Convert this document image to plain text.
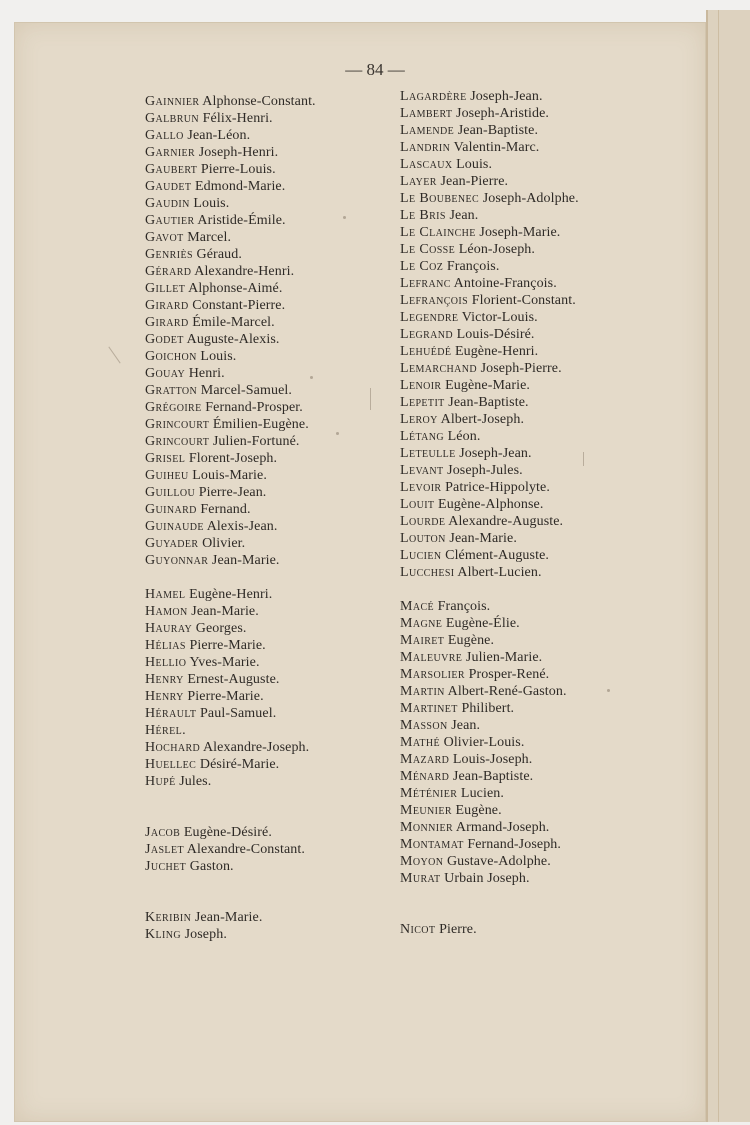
— 84 —
Gainnier Alphonse-Constant.
Galbrun Félix-Henri.
Gallo Jean-Léon.
Garnier Joseph-Henri.
Gaubert Pierre-Louis.
Gaudet Edmond-Marie.
Gaudin Louis.
Gautier Aristide-Émile.
Gavot Marcel.
Genriès Géraud.
Gérard Alexandre-Henri.
Gillet Alphonse-Aimé.
Girard Constant-Pierre.
Girard Émile-Marcel.
Godet Auguste-Alexis.
Goichon Louis.
Gouay Henri.
Gratton Marcel-Samuel.
Grégoire Fernand-Prosper.
Grincourt Émilien-Eugène.
Grincourt Julien-Fortuné.
Grisel Florent-Joseph.
Guiheu Louis-Marie.
Guillou Pierre-Jean.
Guinard Fernand.
Guinaude Alexis-Jean.
Guyader Olivier.
Guyonnar Jean-Marie.
Hamel Eugène-Henri.
Hamon Jean-Marie.
Hauray Georges.
Hélias Pierre-Marie.
Hellio Yves-Marie.
Henry Ernest-Auguste.
Henry Pierre-Marie.
Hérault Paul-Samuel.
Hérel.
Hochard Alexandre-Joseph.
Huellec Désiré-Marie.
Hupé Jules.
Jacob Eugène-Désiré.
Jaslet Alexandre-Constant.
Juchet Gaston.
Keribin Jean-Marie.
Kling Joseph.
Lagardère Joseph-Jean.
Lambert Joseph-Aristide.
Lamende Jean-Baptiste.
Landrin Valentin-Marc.
Lascaux Louis.
Layer Jean-Pierre.
Le Boubenec Joseph-Adolphe.
Le Bris Jean.
Le Clainche Joseph-Marie.
Le Cosse Léon-Joseph.
Le Coz François.
Lefranc Antoine-François.
Lefrançois Florient-Constant.
Legendre Victor-Louis.
Legrand Louis-Désiré.
Lehuédé Eugène-Henri.
Lemarchand Joseph-Pierre.
Lenoir Eugène-Marie.
Lepetit Jean-Baptiste.
Leroy Albert-Joseph.
Létang Léon.
Leteulle Joseph-Jean.
Levant Joseph-Jules.
Levoir Patrice-Hippolyte.
Louit Eugène-Alphonse.
Lourde Alexandre-Auguste.
Louton Jean-Marie.
Lucien Clément-Auguste.
Lucchesi Albert-Lucien.
Macé François.
Magne Eugène-Élie.
Mairet Eugène.
Maleuvre Julien-Marie.
Marsolier Prosper-René.
Martin Albert-René-Gaston.
Martinet Philibert.
Masson Jean.
Mathé Olivier-Louis.
Mazard Louis-Joseph.
Ménard Jean-Baptiste.
Méténier Lucien.
Meunier Eugène.
Monnier Armand-Joseph.
Montamat Fernand-Joseph.
Moyon Gustave-Adolphe.
Murat Urbain Joseph.
Nicot Pierre.
